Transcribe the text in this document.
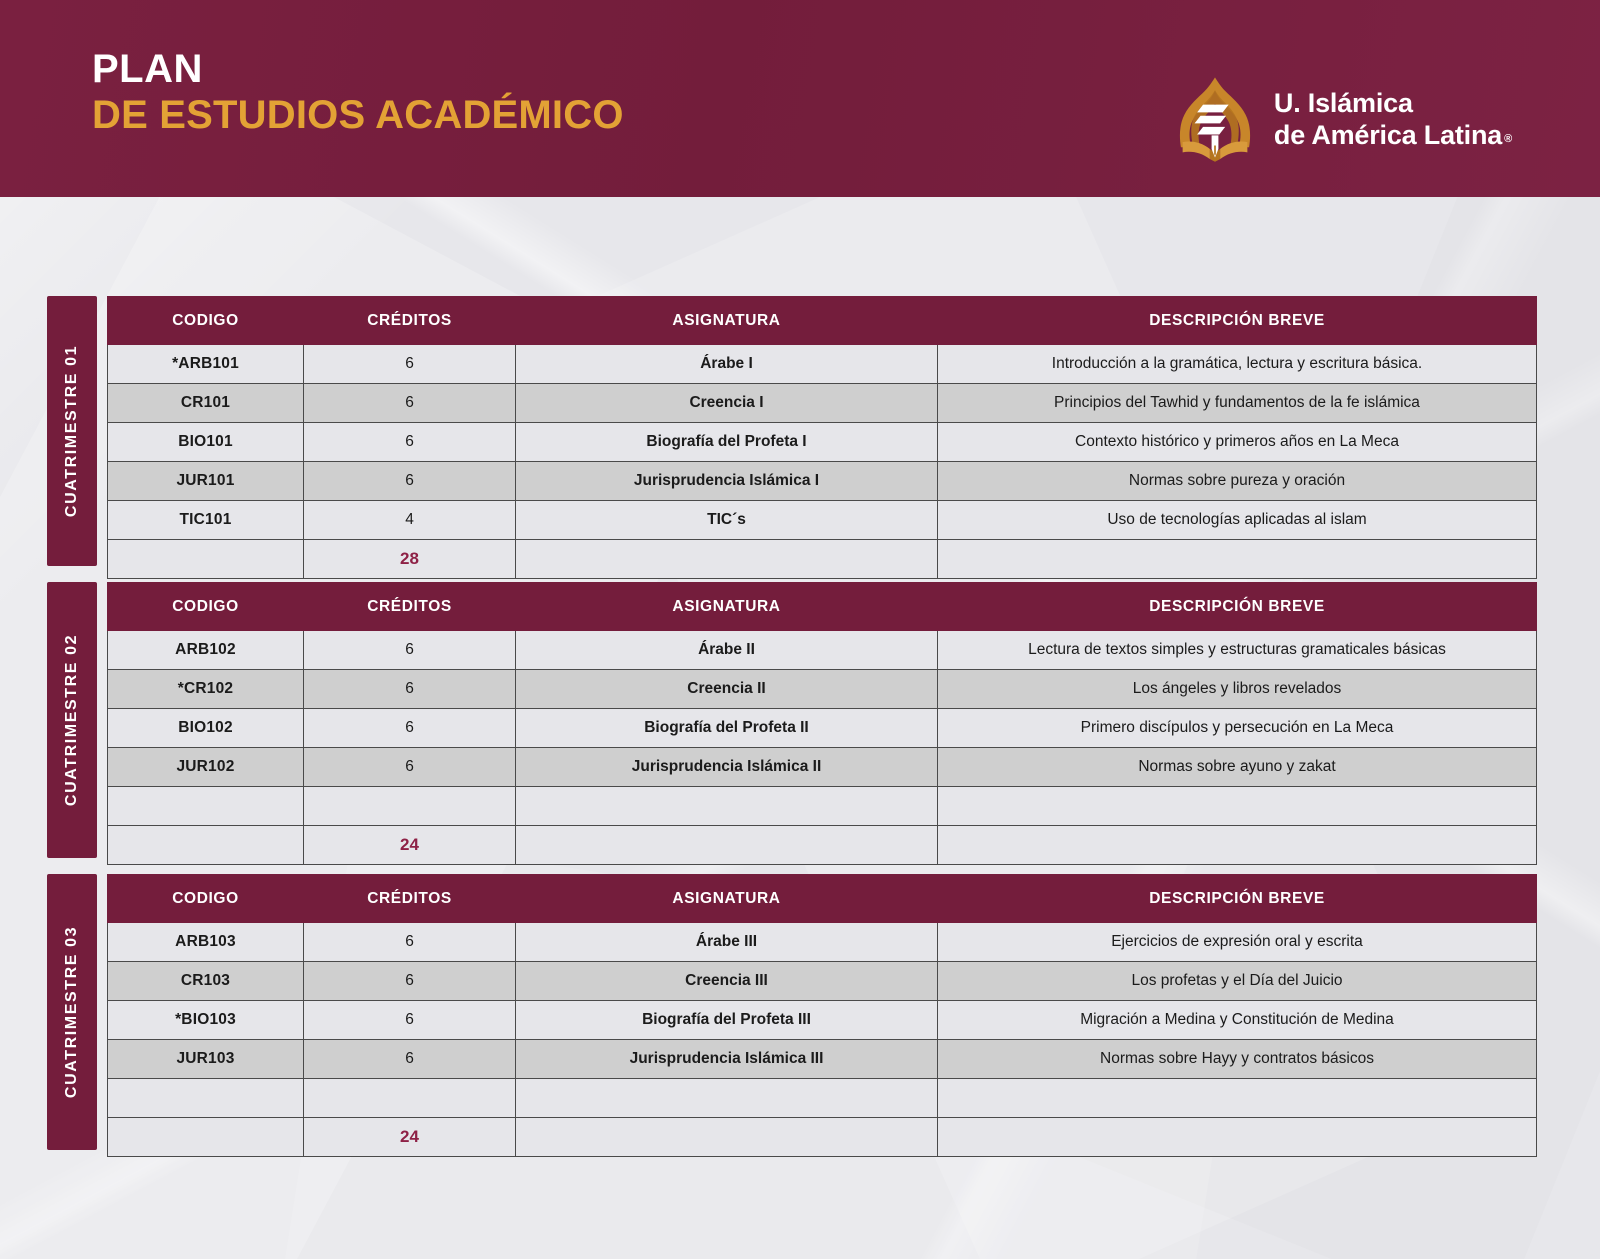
PLAN
DE ESTUDIOS ACADÉMICO	U. Islámica
de América Latina ®
CUATRIMESTRE 01
CODIGO	CRÉDITOS	ASIGNATURA	DESCRIPCIÓN BREVE
*ARB101	6	Árabe I	Introducción a la gramática, lectura y escritura básica.
CR101	6	Creencia I	Principios del Tawhid y fundamentos de la fe islámica
BIO101	6	Biografía del Profeta I	Contexto histórico y primeros años en La Meca
JUR101	6	Jurisprudencia Islámica I	Normas sobre pureza y oración
TIC101	4	TIC´s	Uso de tecnologías aplicadas al islam
	28		
CUATRIMESTRE 02
CODIGO	CRÉDITOS	ASIGNATURA	DESCRIPCIÓN BREVE
ARB102	6	Árabe II	Lectura de textos simples y estructuras gramaticales básicas
*CR102	6	Creencia II	Los ángeles y libros revelados
BIO102	6	Biografía del Profeta II	Primero discípulos y persecución en La Meca
JUR102	6	Jurisprudencia Islámica II	Normas sobre ayuno y zakat

	24		
CUATRIMESTRE 03
CODIGO	CRÉDITOS	ASIGNATURA	DESCRIPCIÓN BREVE
ARB103	6	Árabe III	Ejercicios de expresión oral y escrita
CR103	6	Creencia III	Los profetas y el Día del Juicio
*BIO103	6	Biografía del Profeta III	Migración a Medina y Constitución de Medina
JUR103	6	Jurisprudencia Islámica III	Normas sobre Hayy y contratos básicos

	24		
